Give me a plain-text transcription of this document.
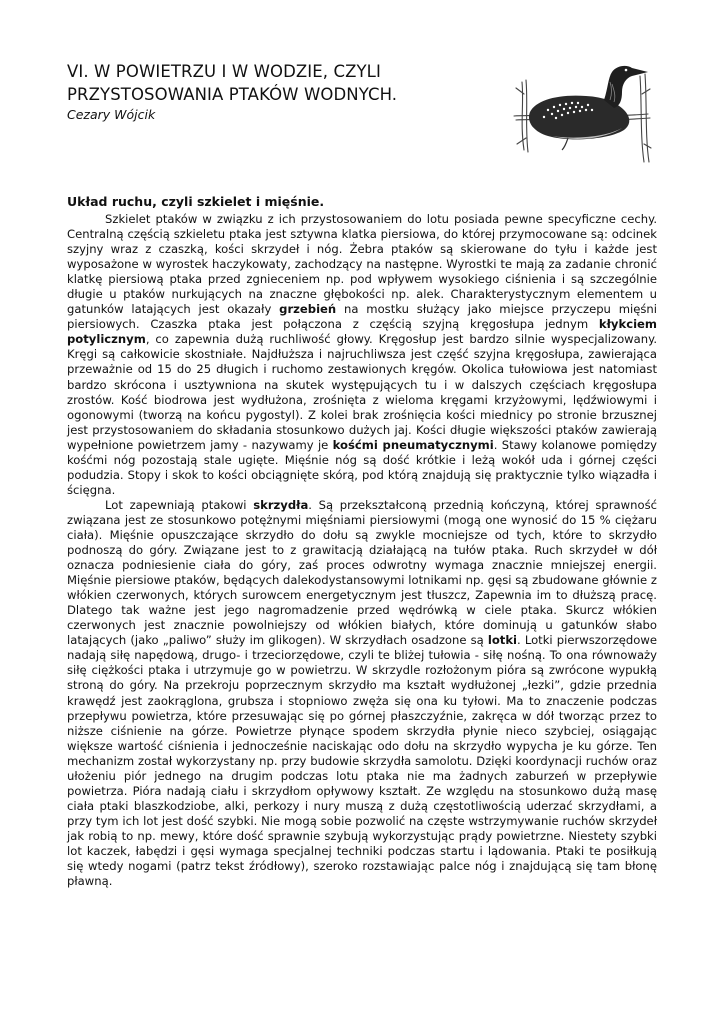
VI. W POWIETRZU I W WODZIE, CZYLI
PRZYSTOSOWANIA PTAKÓW WODNYCH.
Cezary Wójcik
Układ ruchu, czyli szkielet i mięśnie.

Szkielet ptaków w związku z ich przystosowaniem do lotu posiada pewne specyficzne cechy. Centralną częścią szkieletu ptaka jest sztywna klatka piersiowa, do której przymocowane są: odcinek szyjny wraz z czaszką, kości skrzydeł i nóg. Żebra ptaków są skierowane do tyłu i każde jest wyposażone w wyrostek haczykowaty, zachodzący na następne. Wyrostki te mają za zadanie chronić klatkę piersiową ptaka przed zgnieceniem np. pod wpływem wysokiego ciśnienia i są szczególnie długie u ptaków nurkujących na znaczne głębokości np. alek. Charakterystycznym elementem u gatunków latających jest okazały grzebień na mostku służący jako miejsce przyczepu mięśni piersiowych. Czaszka ptaka jest połączona z częścią szyjną kręgosłupa jednym kłykciem potylicznym, co zapewnia dużą ruchliwość głowy. Kręgosłup jest bardzo silnie wyspecjalizowany. Kręgi są całkowicie skostniałe. Najdłuższa i najruchliwsza jest część szyjna kręgosłupa, zawierająca przeważnie od 15 do 25 długich i ruchomo zestawionych kręgów. Okolica tułowiowa jest natomiast bardzo skrócona i usztywniona na skutek występujących tu i w dalszych częściach kręgosłupa zrostów. Kość biodrowa jest wydłużona, zrośnięta z wieloma kręgami krzyżowymi, lędźwiowymi i ogonowymi (tworzą na końcu pygostyl). Z kolei brak zrośnięcia kości miednicy po stronie brzusznej jest przystosowaniem do składania stosunkowo dużych jaj. Kości długie większości ptaków zawierają wypełnione powietrzem jamy - nazywamy je kośćmi pneumatycznymi. Stawy kolanowe pomiędzy kośćmi nóg pozostają stale ugięte. Mięśnie nóg są dość krótkie i leżą wokół uda i górnej części podudzia. Stopy i skok to kości obciągnięte skórą, pod którą znajdują się praktycznie tylko wiązadła i ścięgna.

Lot zapewniają ptakowi skrzydła. Są przekształconą przednią kończyną, której sprawność związana jest ze stosunkowo potężnymi mięśniami piersiowymi (mogą one wynosić do 15 % ciężaru ciała). Mięśnie opuszczające skrzydło do dołu są zwykle mocniejsze od tych, które to skrzydło podnoszą do góry. Związane jest to z grawitacją działającą na tułów ptaka. Ruch skrzydeł w dół oznacza podniesienie ciała do góry, zaś proces odwrotny wymaga znacznie mniejszej energii. Mięśnie piersiowe ptaków, będących dalekodystansowymi lotnikami np. gęsi są zbudowane głównie z włókien czerwonych, których surowcem energetycznym jest tłuszcz, Zapewnia im to dłuższą pracę. Dlatego tak ważne jest jego nagromadzenie przed wędrówką w ciele ptaka. Skurcz włókien czerwonych jest znacznie powolniejszy od włókien białych, które dominują u gatunków słabo latających (jako „paliwo” służy im glikogen). W skrzydłach osadzone są lotki. Lotki pierwszorzędowe nadają siłę napędową, drugo- i trzeciorzędowe, czyli te bliżej tułowia - siłę nośną. To ona równoważy siłę ciężkości ptaka i utrzymuje go w powietrzu. W skrzydle rozłożonym pióra są zwrócone wypukłą stroną do góry. Na przekroju poprzecznym skrzydło ma kształt wydłużonej „łezki”, gdzie przednia krawędź jest zaokrąglona, grubsza i stopniowo zwęża się ona ku tyłowi. Ma to znaczenie podczas przepływu powietrza, które przesuwając się po górnej płaszczyźnie, zakręca w dół tworząc przez to niższe ciśnienie na górze. Powietrze płynące spodem skrzydła płynie nieco szybciej, osiągając większe wartość ciśnienia i jednocześnie naciskając odo dołu na skrzydło wypycha je ku górze. Ten mechanizm został wykorzystany np. przy budowie skrzydła samolotu. Dzięki koordynacji ruchów oraz ułożeniu piór jednego na drugim podczas lotu ptaka nie ma żadnych zaburzeń w przepływie powietrza. Pióra nadają ciału i skrzydłom opływowy kształt. Ze względu na stosunkowo dużą masę ciała ptaki blaszkodziobe, alki, perkozy i nury muszą z dużą częstotliwością uderzać skrzydłami, a przy tym ich lot jest dość szybki. Nie mogą sobie pozwolić na częste wstrzymywanie ruchów skrzydeł jak robią to np. mewy, które dość sprawnie szybują wykorzystując prądy powietrzne. Niestety szybki lot kaczek, łabędzi i gęsi wymaga specjalnej techniki podczas startu i lądowania. Ptaki te posiłkują się wtedy nogami (patrz tekst źródłowy), szeroko rozstawiając palce nóg i znajdującą się tam błonę pławną.
